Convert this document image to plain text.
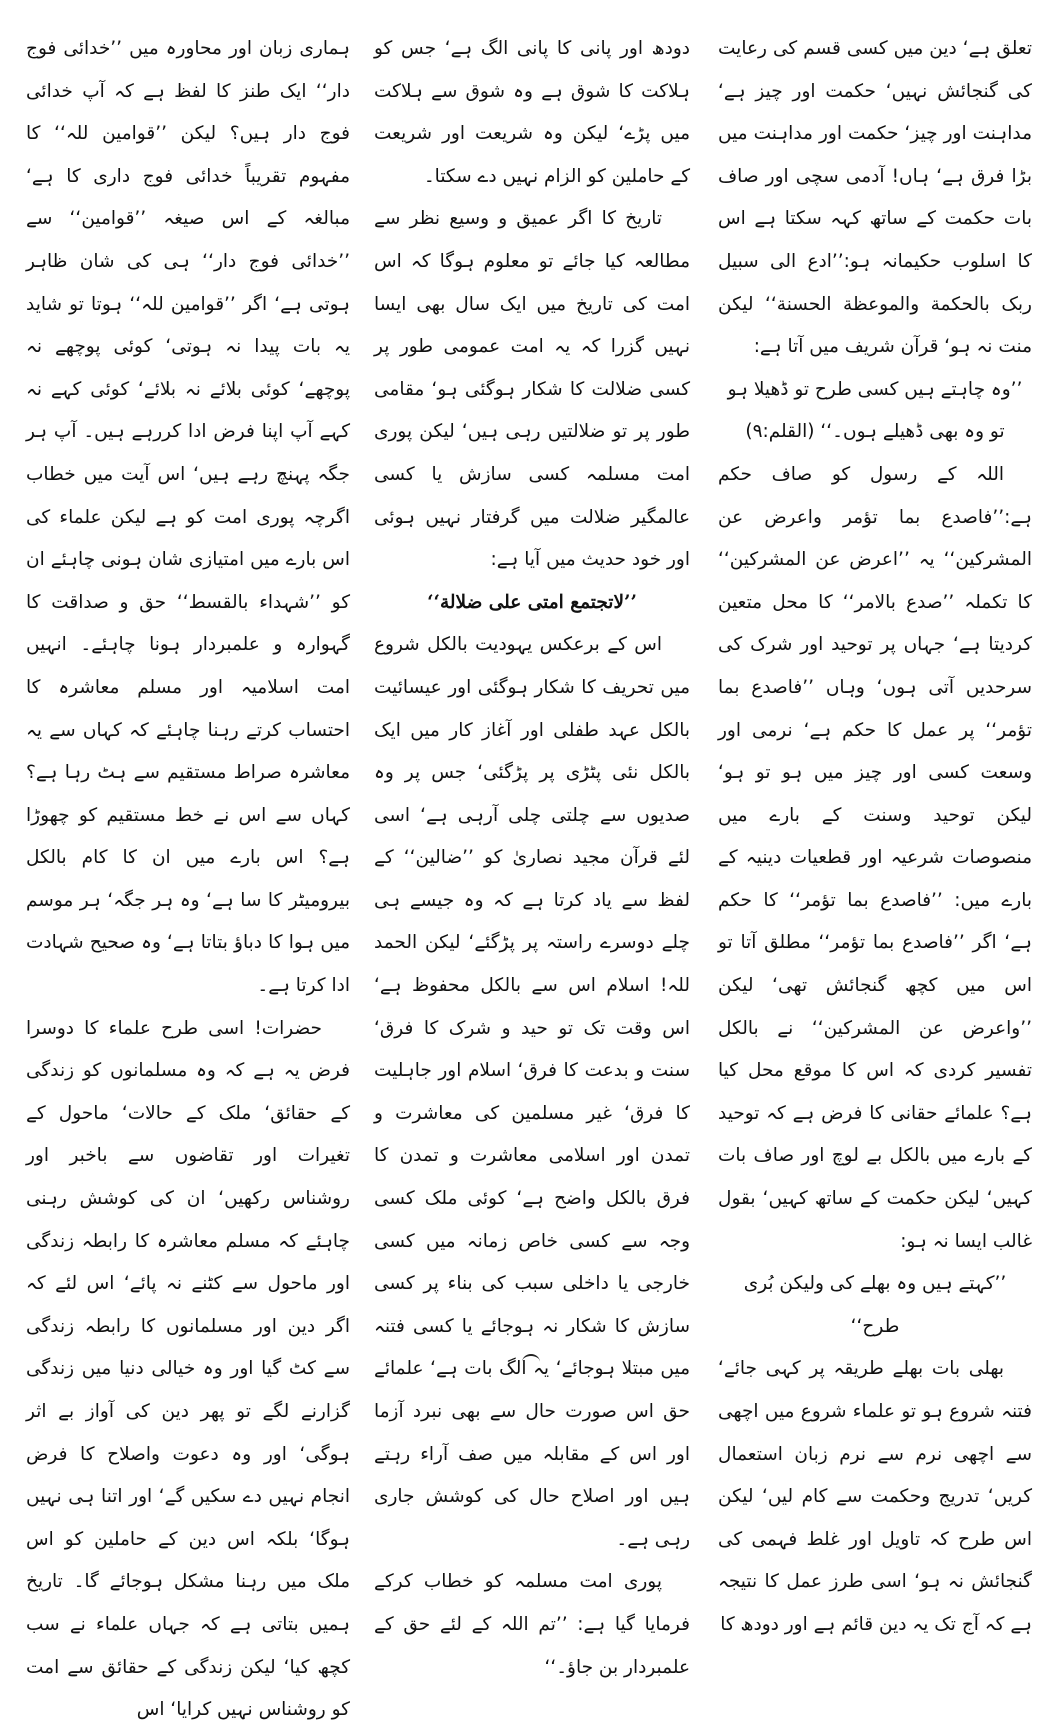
تعلق ہے‘ دین میں کسی قسم کی رعایت کی گنجائش نہیں‘ حکمت اور چیز ہے‘ مداہنت اور چیز‘ حکمت اور مداہنت میں بڑا فرق ہے‘ ہاں! آدمی سچی اور صاف بات حکمت کے ساتھ کہہ سکتا ہے اس کا اسلوب حکیمانہ ہو:’’ادع الی سبیل ربک بالحکمة والموعظة الحسنة‘‘ لیکن منت نہ ہو‘ قرآن شریف میں آتا ہے:

’’وہ چاہتے ہیں کسی طرح تو ڈھیلا ہو تو وہ بھی ڈھیلے ہوں۔‘‘ (القلم:۹)

اللہ کے رسول کو صاف حکم ہے:’’فاصدع بما تؤمر واعرض عن المشرکین‘‘ یہ ’’اعرض عن المشرکین‘‘ کا تکملہ ’’صدع بالامر‘‘ کا محل متعین کردیتا ہے‘ جہاں پر توحید اور شرک کی سرحدیں آتی ہوں‘ وہاں ’’فاصدع بما تؤمر‘‘ پر عمل کا حکم ہے‘ نرمی اور وسعت کسی اور چیز میں ہو تو ہو‘ لیکن توحید وسنت کے بارے میں منصوصات شرعیہ اور قطعیات دینیہ کے بارے میں: ’’فاصدع بما تؤمر‘‘ کا حکم ہے‘ اگر ’’فاصدع بما تؤمر‘‘ مطلق آتا تو اس میں کچھ گنجائش تھی‘ لیکن ’’واعرض عن المشرکین‘‘ نے بالکل تفسیر کردی کہ اس کا موقع محل کیا ہے؟ علمائے حقانی کا فرض ہے کہ توحید کے بارے میں بالکل بے لوچ اور صاف بات کہیں‘ لیکن حکمت کے ساتھ کہیں‘ بقول غالب ایسا نہ ہو:

’’کہتے ہیں وہ بھلے کی ولیکن بُری طرح‘‘

بھلی بات بھلے طریقہ پر کہی جائے‘ فتنہ شروع ہو تو علماء شروع میں اچھی سے اچھی نرم سے نرم زبان استعمال کریں‘ تدریج وحکمت سے کام لیں‘ لیکن اس طرح کہ تاویل اور غلط فہمی کی گنجائش نہ ہو‘ اسی طرز عمل کا نتیجہ ہے کہ آج تک یہ دین قائم ہے اور دودھ کا

دودھ اور پانی کا پانی الگ ہے‘ جس کو ہلاکت کا شوق ہے وہ شوق سے ہلاکت میں پڑے‘ لیکن وہ شریعت اور شریعت کے حاملین کو الزام نہیں دے سکتا۔

تاریخ کا اگر عمیق و وسیع نظر سے مطالعہ کیا جائے تو معلوم ہوگا کہ اس امت کی تاریخ میں ایک سال بھی ایسا نہیں گزرا کہ یہ امت عمومی طور پر کسی ضلالت کا شکار ہوگئی ہو‘ مقامی طور پر تو ضلالتیں رہی ہیں‘ لیکن پوری امت مسلمہ کسی سازش یا کسی عالمگیر ضلالت میں گرفتار نہیں ہوئی اور خود حدیث میں آیا ہے:

’’لاتجتمع امتی علی ضلالة‘‘

اس کے برعکس یہودیت بالکل شروع میں تحریف کا شکار ہوگئی اور عیسائیت بالکل عہد طفلی اور آغاز کار میں ایک بالکل نئی پٹڑی پر پڑگئی‘ جس پر وہ صدیوں سے چلتی چلی آرہی ہے‘ اسی لئے قرآن مجید نصاریٰ کو ’’ضالین‘‘ کے لفظ سے یاد کرتا ہے کہ وہ جیسے ہی چلے دوسرے راستہ پر پڑگئے‘ لیکن الحمد للہ! اسلام اس سے بالکل محفوظ ہے‘ اس وقت تک تو حید و شرک کا فرق‘ سنت و بدعت کا فرق‘ اسلام اور جاہلیت کا فرق‘ غیر مسلمین کی معاشرت و تمدن اور اسلامی معاشرت و تمدن کا فرق بالکل واضح ہے‘ کوئی ملک کسی وجہ سے کسی خاص زمانہ میں کسی خارجی یا داخلی سبب کی بناء پر کسی سازش کا شکار نہ ہوجائے یا کسی فتنہ میں مبتلا ہوجائے‘ یہ الگ بات ہے‘ علمائے حق اس صورت حال سے بھی نبرد آزما اور اس کے مقابلہ میں صف آراء رہتے ہیں اور اصلاح حال کی کوشش جاری رہی ہے۔

پوری امت مسلمہ کو خطاب کرکے فرمایا گیا ہے: ’’تم اللہ کے لئے حق کے علمبردار بن جاؤ۔‘‘

ہماری زبان اور محاورہ میں ’’خدائی فوج دار‘‘ ایک طنز کا لفظ ہے کہ آپ خدائی فوج دار ہیں؟ لیکن ’’قوامین للہ‘‘ کا مفہوم تقریباً خدائی فوج داری کا ہے‘ مبالغہ کے اس صیغہ ’’قوامین‘‘ سے ’’خدائی فوج دار‘‘ ہی کی شان ظاہر ہوتی ہے‘ اگر ’’قوامین للہ‘‘ ہوتا تو شاید یہ بات پیدا نہ ہوتی‘ کوئی پوچھے نہ پوچھے‘ کوئی بلائے نہ بلائے‘ کوئی کہے نہ کہے آپ اپنا فرض ادا کررہے ہیں۔ آپ ہر جگہ پہنچ رہے ہیں‘ اس آیت میں خطاب اگرچہ پوری امت کو ہے لیکن علماء کی اس بارے میں امتیازی شان ہونی چاہئے ان کو ’’شہداء بالقسط‘‘ حق و صداقت کا گہوارہ و علمبردار ہونا چاہئے۔ انہیں امت اسلامیہ اور مسلم معاشرہ کا احتساب کرتے رہنا چاہئے کہ کہاں سے یہ معاشرہ صراط مستقیم سے ہٹ رہا ہے؟ کہاں سے اس نے خط مستقیم کو چھوڑا ہے؟ اس بارے میں ان کا کام بالکل بیرومیٹر کا سا ہے‘ وہ ہر جگہ‘ ہر موسم میں ہوا کا دباؤ بتاتا ہے‘ وہ صحیح شہادت ادا کرتا ہے۔

حضرات! اسی طرح علماء کا دوسرا فرض یہ ہے کہ وہ مسلمانوں کو زندگی کے حقائق‘ ملک کے حالات‘ ماحول کے تغیرات اور تقاضوں سے باخبر اور روشناس رکھیں‘ ان کی کوشش رہنی چاہئے کہ مسلم معاشرہ کا رابطہ زندگی اور ماحول سے کٹنے نہ پائے‘ اس لئے کہ اگر دین اور مسلمانوں کا رابطہ زندگی سے کٹ گیا اور وہ خیالی دنیا میں زندگی گزارنے لگے تو پھر دین کی آواز بے اثر ہوگی‘ اور وہ دعوت واصلاح کا فرض انجام نہیں دے سکیں گے‘ اور اتنا ہی نہیں ہوگا‘ بلکہ اس دین کے حاملین کو اس ملک میں رہنا مشکل ہوجائے گا۔ تاریخ ہمیں بتاتی ہے کہ جہاں علماء نے سب کچھ کیا‘ لیکن زندگی کے حقائق سے امت کو روشناس نہیں کرایا‘ اس
